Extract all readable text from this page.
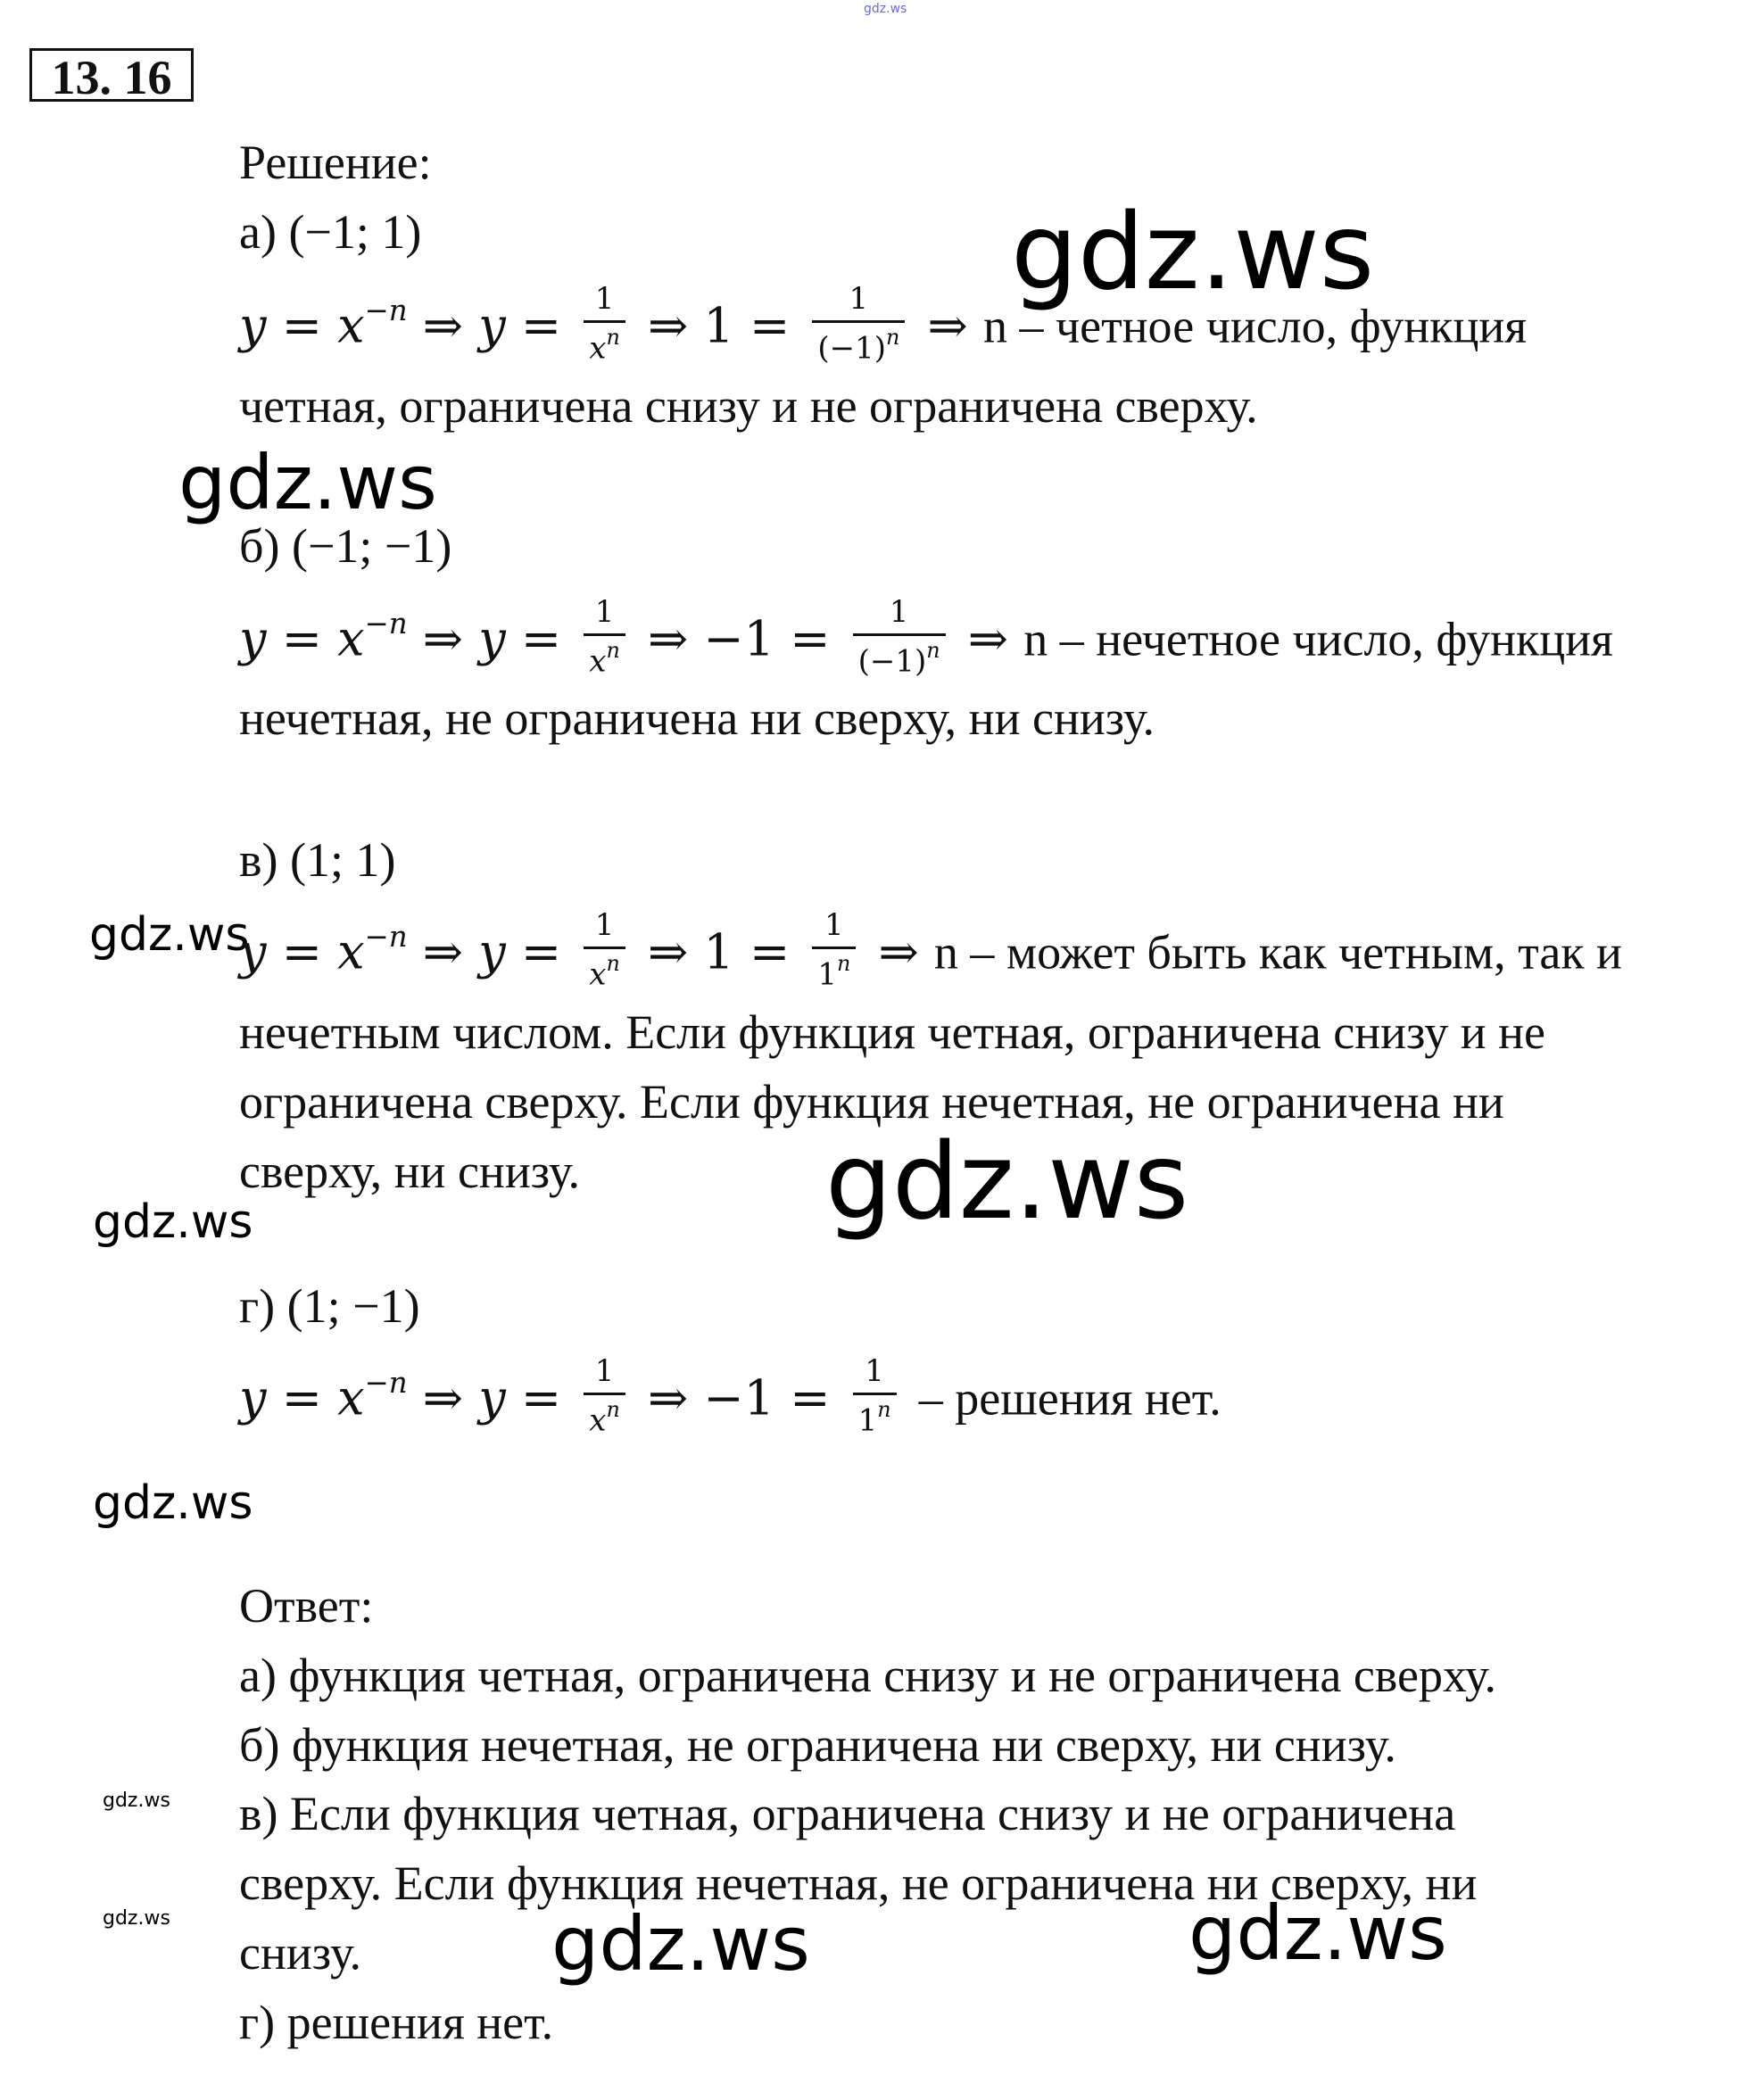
gdz.ws
13. 16
Решение:
а) (−1; 1)
$y = x^{-n}$ ⇒ $y = \frac{1}{x^n}$ ⇒ $1 = \frac{1}{(-1)^n}$ ⇒ n – четное число, функция
четная, ограничена снизу и не ограничена сверху.
gdz.ws
gdz.ws
б) (−1; −1)
$y = x^{-n}$ ⇒ $y = \frac{1}{x^n}$ ⇒ $-1 = \frac{1}{(-1)^n}$ ⇒ n – нечетное число, функция
нечетная, не ограничена ни сверху, ни снизу.
в) (1; 1)
gdz.ws
$y = x^{-n}$ ⇒ $y = \frac{1}{x^n}$ ⇒ $1 = \frac{1}{1^n}$ ⇒ n – может быть как четным, так и
нечетным числом. Если функция четная, ограничена снизу и не
ограничена сверху. Если функция нечетная, не ограничена ни
сверху, ни снизу. gdz.ws
gdz.ws
г) (1; −1)
$y = x^{-n}$ ⇒ $y = \frac{1}{x^n}$ ⇒ $-1 = \frac{1}{1^n}$ – решения нет.
gdz.ws
Ответ:
а) функция четная, ограничена снизу и не ограничена сверху.
б) функция нечетная, не ограничена ни сверху, ни снизу.
gdz.ws в) Если функция четная, ограничена снизу и не ограничена
gdz.ws
сверху. Если функция нечетная, не ограничена ни сверху, ни
снизу.	gdz.ws	gdz.ws
г) решения нет.
